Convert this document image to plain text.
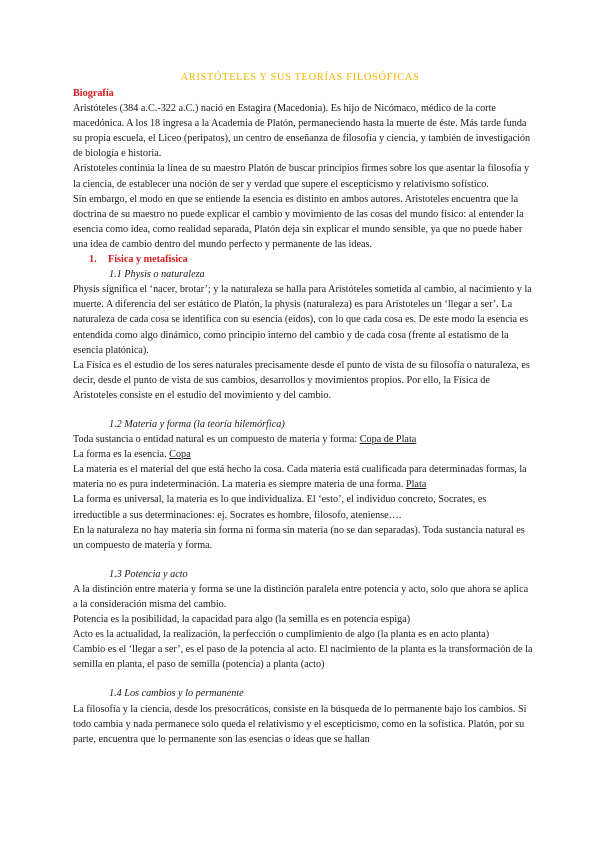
ARISTÓTELES Y SUS TEORÍAS FILOSÓFICAS

Biografía

Aristóteles (384 a.C.-322 a.C.) nació en Estagira (Macedonia). Es hijo de Nicómaco, médico de la corte macedónica. A los 18 ingresa a la Academia de Platón, permaneciendo hasta la muerte de éste. Más tarde funda su propia escuela, el Liceo (peripatos), un centro de enseñanza de filosofía y ciencia, y también de investigación de biología e historia.

Aristoteles continúa la línea de su maestro Platón de buscar principios firmes sobre los que asentar la filosofía y la ciencia, de establecer una noción de ser y verdad que supere el escepticismo y relativismo sofístico.

Sin embargo, el modo en que se entiende la esencia es distinto en ambos autores. Aristoteles encuentra que la doctrina de su maestro no puede explicar el cambio y movimiento de las cosas del mundo físico: al entender la esencia como idea, como realidad separada, Platón deja sin explicar el mundo sensible, ya que no puede haber una idea de cambio dentro del mundo perfecto y permanente de las ideas.

1. Física y metafísica

1.1 Physis o naturaleza

Physis significa el ‘nacer, brotar’; y la naturaleza se halla para Aristóteles sometida al cambio, al nacimiento y la muerte. A diferencia del ser estático de Platón, la physis (naturaleza) es para Aristoteles un ‘llegar a ser’. La naturaleza de cada cosa se identifica con su esencia (eidos), con lo que cada cosa es. De este modo la esencia es entendida como algo dinámico, como principio interno del cambio y de cada cosa (frente al estatismo de la esencia platónica).

La Física es el estudio de los seres naturales precisamente desde el punto de vista de su filosofía o naturaleza, es decir, desde el punto de vista de sus cambios, desarrollos y movimientos propios. Por ello, la Física de Aristoteles consiste en el estudio del movimiento y del cambio.

1.2 Materia y forma (la teoría hilemórfica)

Toda sustancia o entidad natural es un compuesto de materia y forma: Copa de Plata

La forma es la esencia. Copa

La materia es el material del que está hecho la cosa. Cada materia está cualificada para determinadas formas, la materia no es pura indeterminación. La materia es siempre materia de una forma. Plata

La forma es universal, la materia es lo que individualiza. El ‘esto’, el individuo concreto, Socrates, es irreductible a sus determinaciones: ej. Socrates es hombre, filosofo, ateniense….

En la naturaleza no hay materia sin forma ni forma sin materia (no se dan separadas). Toda sustancia natural es un compuesto de materia y forma.

1.3 Potencia y acto

A la distinción entre materia y forma se une la distinción paralela entre potencia y acto, solo que ahora se aplica a la consideración misma del cambio.

Potencia es la posibilidad, la capacidad para algo (la semilla es en potencia espiga)

Acto es la actualidad, la realización, la perfección o cumplimiento de algo (la planta es en acto planta)

Cambio es el ‘llegar a ser’, es el paso de la potencia al acto. El nacimiento de la planta es la transformación de la semilla en planta, el paso de semilla (potencia) a planta (acto)

1.4 Los cambios y lo permanente

La filosofía y la ciencia, desde los presocráticos, consiste en la búsqueda de lo permanente bajo los cambios. Si todo cambia y nada permanece solo queda el relativismo y el escepticismo, como en la sofística. Platón, por su parte, encuentra que lo permanente son las esencias o ideas que se hallan
